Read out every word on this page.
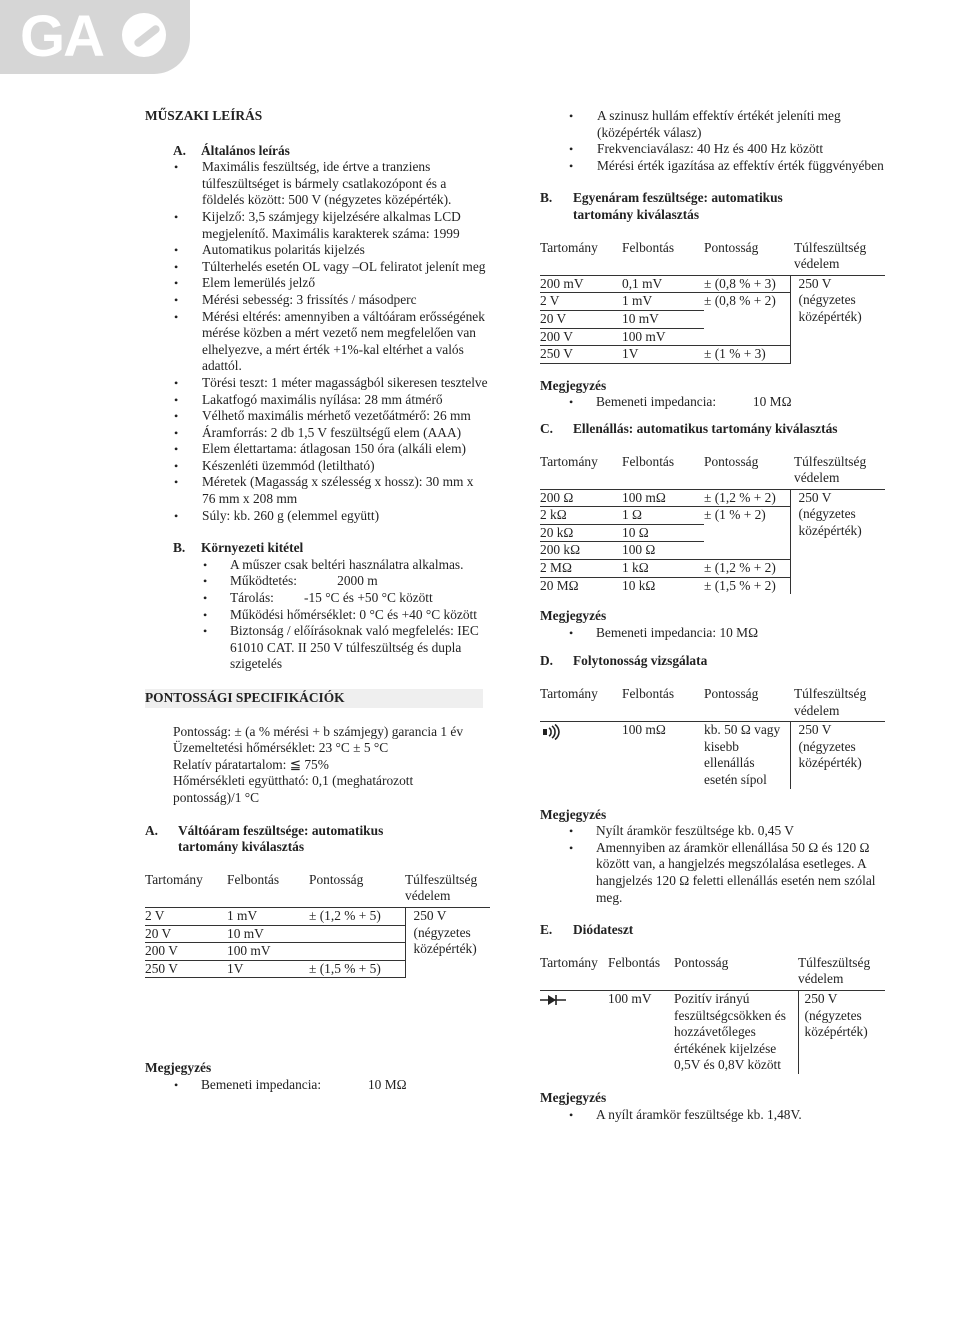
GA
MŰSZAKI LEÍRÁS
A. Általános leírás
• Maximális feszültség, ide értve a tranziens túlfeszültséget is bármely csatlakozópont és a földelés között: 500 V (négyzetes középérték).
• Kijelző: 3,5 számjegy kijelzésére alkalmas LCD megjelenítő. Maximális karakterek száma: 1999
• Automatikus polaritás kijelzés
• Túlterhelés esetén OL vagy –OL feliratot jelenít meg
• Elem lemerülés jelző
• Mérési sebesség: 3 frissítés / másodperc
• Mérési eltérés: amennyiben a váltóáram erősségének mérése közben a mért vezető nem megfelelően van elhelyezve, a mért érték +1%-kal eltérhet a valós adattól.
• Törési teszt: 1 méter magasságból sikeresen tesztelve
• Lakatfogó maximális nyílása: 28 mm átmérő
• Vélhető maximális mérhető vezetőátmérő: 26 mm
• Áramforrás: 2 db 1,5 V feszültségű elem (AAA)
• Elem élettartama: átlagosan 150 óra (alkáli elem)
• Készenléti üzemmód (letiltható)
• Méretek (Magasság x szélesség x hossz): 30 mm x 76 mm x 208 mm
• Súly: kb. 260 g (elemmel együtt)
B. Környezeti kitétel
• A műszer csak beltéri használatra alkalmas.
• Működtetés:            2000 m
• Tárolás:         -15 °C és +50 °C között
• Működési hőmérséklet: 0 °C és +40 °C között
• Biztonság / előírásoknak való megfelelés: IEC 61010 CAT. II 250 V túlfeszültség és dupla szigetelés
PONTOSSÁGI SPECIFIKÁCIÓK
Pontosság: ± (a % mérési + b számjegy) garancia 1 év
Üzemeltetési hőmérséklet: 23 °C ± 5 °C
Relatív páratartalom: ≦ 75%
Hőmérsékleti együttható: 0,1 (meghatározott pontosság)/1 °C
A.	Váltóáram feszültsége: automatikus tartomány kiválasztás
Tartomány	Felbontás	Pontosság	Túlfeszültség védelem
2 V	1 mV	± (1,2 % + 5)	250 V (négyzetes középérték)
20 V	10 mV		
200 V	100 mV		
250 V	1V	± (1,5 % + 5)	
Megjegyzés
• Bemeneti impedancia:              10 MΩ
• A szinusz hullám effektív értékét jeleníti meg (középérték válasz)
• Frekvenciaválasz: 40 Hz és 400 Hz között
• Mérési érték igazítása az effektív érték függvényében
B.	Egyenáram feszültsége: automatikus tartomány kiválasztás
Tartomány	Felbontás	Pontosság	Túlfeszültség védelem
200 mV	0,1 mV	± (0,8 % + 3)	250 V (négyzetes középérték)
2 V	1 mV	± (0,8 % + 2)	
20 V	10 mV		
200 V	100 mV		
250 V	1V	± (1 % + 3)	
Megjegyzés
• Bemeneti impedancia:           10 MΩ
C. Ellenállás: automatikus tartomány kiválasztás
Tartomány	Felbontás	Pontosság	Túlfeszültség védelem
200 Ω	100 mΩ	± (1,2 % + 2)	250 V (négyzetes középérték)
2 kΩ	1 Ω	± (1 % + 2)	
20 kΩ	10 Ω		
200 kΩ	100 Ω		
2 MΩ	1 kΩ	± (1,2 % + 2)	
20 MΩ	10 kΩ	± (1,5 % + 2)	
Megjegyzés
• Bemeneti impedancia: 10 MΩ
D. Folytonosság vizsgálata
Tartomány	Felbontás	Pontosság	Túlfeszültség védelem
	100 mΩ	kb. 50 Ω vagy kisebb ellenállás esetén sípol	250 V (négyzetes középérték)
Megjegyzés
• Nyílt áramkör feszültsége kb. 0,45 V
• Amennyiben az áramkör ellenállása 50 Ω és 120 Ω között van, a hangjelzés megszólalása esetleges. A hangjelzés 120 Ω feletti ellenállás esetén nem szólal meg.
E. Diódateszt
Tartomány	Felbontás	Pontosság	Túlfeszültség védelem
	100 mV	Pozitív irányú feszültségcsökken és hozzávetőleges értékének kijelzése 0,5V és 0,8V között	250 V (négyzetes középérték)
Megjegyzés
• A nyílt áramkör feszültsége kb. 1,48V.
